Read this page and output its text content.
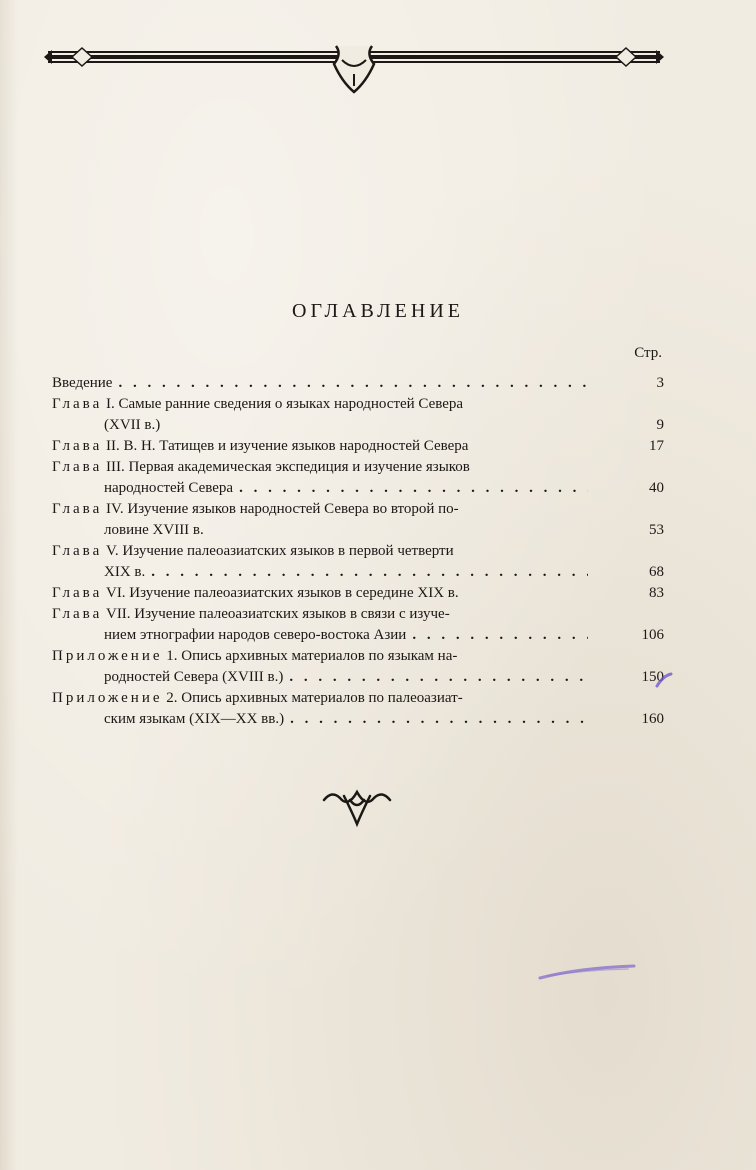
ОГЛАВЛЕНИЕ
Стр.
Введение . . .	3
Глава I. Самые ранние сведения о языках народностей Севера
(XVII в.)	9
Глава II. В. Н. Татищев и изучение языков народностей Севера	17
Глава III. Первая академическая экспедиция и изучение языков
народностей Севера . . .	40
Глава IV. Изучение языков народностей Севера во второй по-
ловине XVIII в.	53
Глава V. Изучение палеоазиатских языков в первой четверти
XIX в. . . .	68
Глава VI. Изучение палеоазиатских языков в середине XIX в.	83
Глава VII. Изучение палеоазиатских языков в связи с изуче-
нием этнографии народов северо-востока Азии . . .	106
Приложение 1. Опись архивных материалов по языкам на-
родностей Севера (XVIII в.) . . .	150
Приложение 2. Опись архивных материалов по палеоазиат-
ским языкам (XIX—XX вв.) . . .	160
